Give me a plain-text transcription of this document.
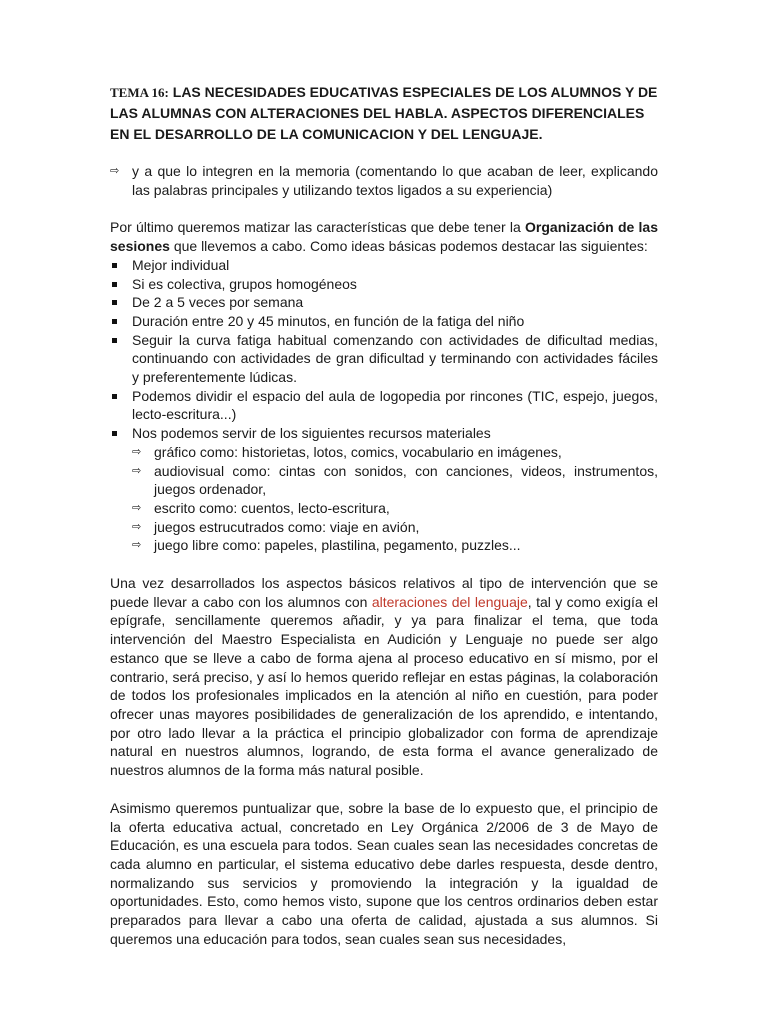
TEMA 16: LAS NECESIDADES EDUCATIVAS ESPECIALES DE LOS ALUMNOS Y DE LAS ALUMNAS CON ALTERACIONES DEL HABLA. ASPECTOS DIFERENCIALES EN EL DESARROLLO DE LA COMUNICACION Y DEL LENGUAJE.
⇨ y a que lo integren en la memoria (comentando lo que acaban de leer, explicando las palabras principales y utilizando textos ligados a su experiencia)

Por último queremos matizar las características que debe tener la Organización de las sesiones que llevemos a cabo. Como ideas básicas podemos destacar las siguientes:

Mejor individual
Si es colectiva, grupos homogéneos
De 2 a 5 veces por semana
Duración entre 20 y 45 minutos, en función de la fatiga del niño
Seguir la curva fatiga habitual comenzando con actividades de dificultad medias, continuando con actividades de gran dificultad y terminando con actividades fáciles y preferentemente lúdicas.
Podemos dividir el espacio del aula de logopedia por rincones (TIC, espejo, juegos, lecto-escritura...)
Nos podemos servir de los siguientes recursos materiales
⇨ gráfico como: historietas, lotos, comics, vocabulario en imágenes,
⇨ audiovisual como: cintas con sonidos, con canciones, videos, instrumentos, juegos ordenador,
⇨ escrito como: cuentos, lecto-escritura,
⇨ juegos estrucutrados como: viaje en avión,
⇨ juego libre como: papeles, plastilina, pegamento, puzzles...

Una vez desarrollados los aspectos básicos relativos al tipo de intervención que se puede llevar a cabo con los alumnos con alteraciones del lenguaje, tal y como exigía el epígrafe, sencillamente queremos añadir, y ya para finalizar el tema, que toda intervención del Maestro Especialista en Audición y Lenguaje no puede ser algo estanco que se lleve a cabo de forma ajena al proceso educativo en sí mismo, por el contrario, será preciso, y así lo hemos querido reflejar en estas páginas, la colaboración de todos los profesionales implicados en la atención al niño en cuestión, para poder ofrecer unas mayores posibilidades de generalización de los aprendido, e intentando, por otro lado llevar a la práctica el principio globalizador con forma de aprendizaje natural en nuestros alumnos, logrando, de esta forma el avance generalizado de nuestros alumnos de la forma más natural posible.

Asimismo queremos puntualizar que, sobre la base de lo expuesto que, el principio de la oferta educativa actual, concretado en Ley Orgánica 2/2006 de 3 de Mayo de Educación, es una escuela para todos. Sean cuales sean las necesidades concretas de cada alumno en particular, el sistema educativo debe darles respuesta, desde dentro, normalizando sus servicios y promoviendo la integración y la igualdad de oportunidades. Esto, como hemos visto, supone que los centros ordinarios deben estar preparados para llevar a cabo una oferta de calidad, ajustada a sus alumnos. Si queremos una educación para todos, sean cuales sean sus necesidades,
